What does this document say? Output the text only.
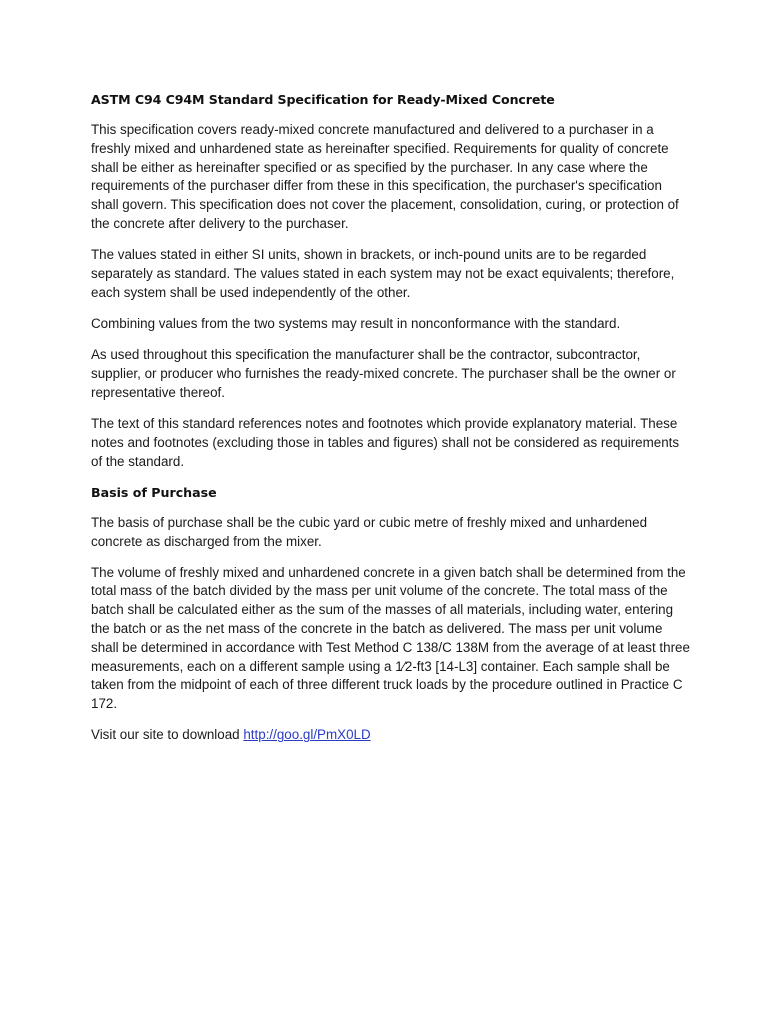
ASTM C94 C94M Standard Specification for Ready-Mixed Concrete

This specification covers ready-mixed concrete manufactured and delivered to a purchaser in a freshly mixed and unhardened state as hereinafter specified. Requirements for quality of concrete shall be either as hereinafter specified or as specified by the purchaser. In any case where the requirements of the purchaser differ from these in this specification, the purchaser's specification shall govern. This specification does not cover the placement, consolidation, curing, or protection of the concrete after delivery to the purchaser.

The values stated in either SI units, shown in brackets, or inch-pound units are to be regarded separately as standard. The values stated in each system may not be exact equivalents; therefore, each system shall be used independently of the other.

Combining values from the two systems may result in nonconformance with the standard.

As used throughout this specification the manufacturer shall be the contractor, subcontractor, supplier, or producer who furnishes the ready-mixed concrete. The purchaser shall be the owner or representative thereof.

The text of this standard references notes and footnotes which provide explanatory material. These notes and footnotes (excluding those in tables and figures) shall not be considered as requirements of the standard.

Basis of Purchase

The basis of purchase shall be the cubic yard or cubic metre of freshly mixed and unhardened concrete as discharged from the mixer.

The volume of freshly mixed and unhardened concrete in a given batch shall be determined from the total mass of the batch divided by the mass per unit volume of the concrete. The total mass of the batch shall be calculated either as the sum of the masses of all materials, including water, entering the batch or as the net mass of the concrete in the batch as delivered. The mass per unit volume shall be determined in accordance with Test Method C 138/C 138M from the average of at least three measurements, each on a different sample using a 1⁄2-ft3 [14-L3] container. Each sample shall be taken from the midpoint of each of three different truck loads by the procedure outlined in Practice C 172.

Visit our site to download http://goo.gl/PmX0LD
